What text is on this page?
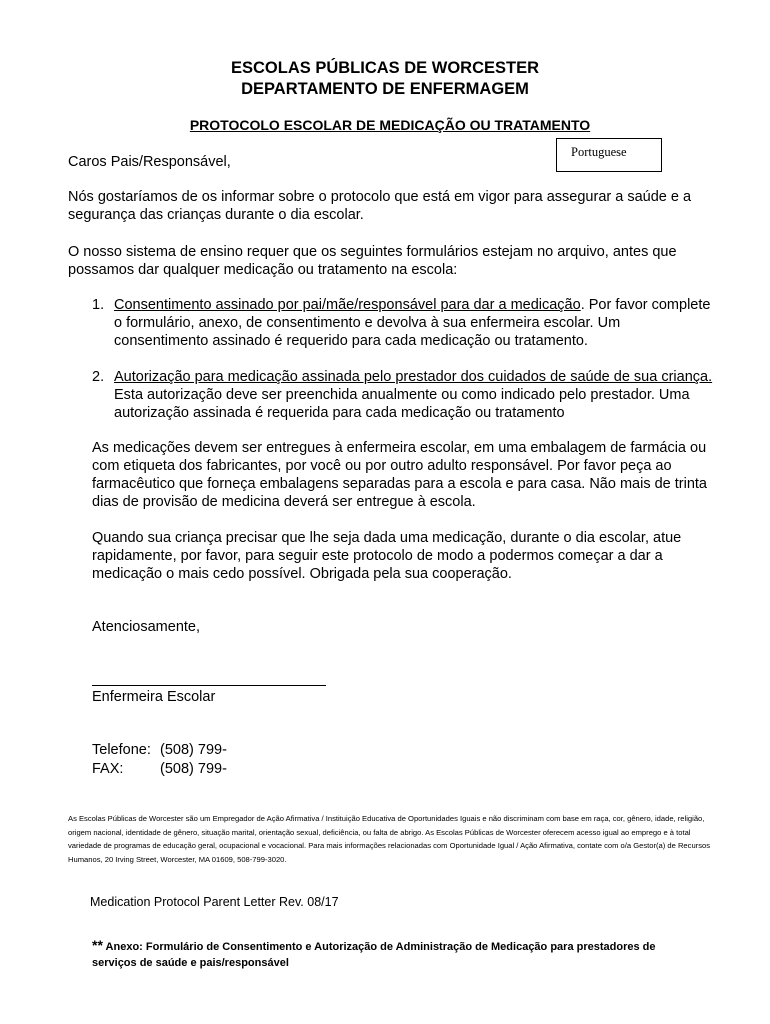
ESCOLAS PÚBLICAS DE WORCESTER
DEPARTAMENTO DE ENFERMAGEM
PROTOCOLO ESCOLAR DE MEDICAÇÃO OU TRATAMENTO
Portuguese
Caros Pais/Responsável,
Nós gostaríamos de os informar sobre o protocolo que está em vigor para assegurar a saúde e a segurança das crianças durante o dia escolar.
O nosso sistema de ensino requer que os seguintes formulários estejam no arquivo, antes que possamos dar qualquer medicação ou tratamento na escola:
1. Consentimento assinado por pai/mãe/responsável para dar a medicação. Por favor complete o formulário, anexo, de consentimento e devolva à sua enfermeira escolar. Um consentimento assinado é requerido para cada medicação ou tratamento.
2. Autorização para medicação assinada pelo prestador dos cuidados de saúde de sua criança. Esta autorização deve ser preenchida anualmente ou como indicado pelo prestador. Uma autorização assinada é requerida para cada medicação ou tratamento
As medicações devem ser entregues à enfermeira escolar, em uma embalagem de farmácia ou com etiqueta dos fabricantes, por você ou por outro adulto responsável. Por favor peça ao farmacêutico que forneça embalagens separadas para a escola e para casa. Não mais de trinta dias de provisão de medicina deverá ser entregue à escola.
Quando sua criança precisar que lhe seja dada uma medicação, durante o dia escolar, atue rapidamente, por favor, para seguir este protocolo de modo a podermos começar a dar a medicação o mais cedo possível. Obrigada pela sua cooperação.
Atenciosamente,
Enfermeira Escolar
Telefone: (508) 799-
FAX:	(508) 799-
As Escolas Públicas de Worcester são um Empregador de Ação Afirmativa / Instituição Educativa de Oportunidades Iguais e não discriminam com base em raça, cor, gênero, idade, religião, origem nacional, identidade de gênero, situação marital, orientação sexual, deficiência, ou falta de abrigo. As Escolas Públicas de Worcester oferecem acesso igual ao emprego e à total variedade de programas de educação geral, ocupacional e vocacional. Para mais informações relacionadas com Oportunidade Igual / Ação Afirmativa, contate com o/a Gestor(a) de Recursos Humanos, 20 Irving Street, Worcester, MA 01609, 508-799-3020.
Medication Protocol Parent Letter Rev. 08/17
** Anexo: Formulário de Consentimento e Autorização de Administração de Medicação para prestadores de serviços de saúde e pais/responsável
